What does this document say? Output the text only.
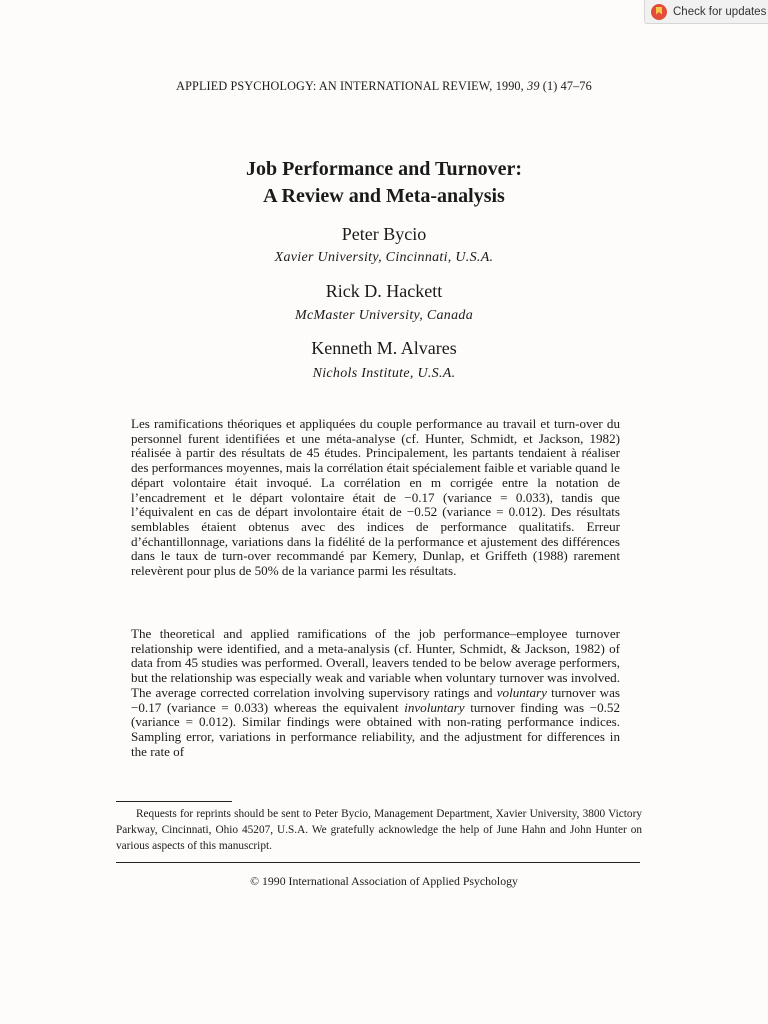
Check for updates
APPLIED PSYCHOLOGY: AN INTERNATIONAL REVIEW, 1990, 39 (1) 47–76
Job Performance and Turnover:
A Review and Meta-analysis
Peter Bycio
Xavier University, Cincinnati, U.S.A.
Rick D. Hackett
McMaster University, Canada
Kenneth M. Alvares
Nichols Institute, U.S.A.
Les ramifications théoriques et appliquées du couple performance au travail et turn-over du personnel furent identifiées et une méta-analyse (cf. Hunter, Schmidt, et Jackson, 1982) réalisée à partir des résultats de 45 études. Principalement, les partants tendaient à réaliser des performances moyennes, mais la corrélation était spécialement faible et variable quand le départ volontaire était invoqué. La corrélation en m corrigée entre la notation de l’encadrement et le départ volontaire était de −0.17 (variance = 0.033), tandis que l’équivalent en cas de départ involontaire était de −0.52 (variance = 0.012). Des résultats semblables étaient obtenus avec des indices de performance qualitatifs. Erreur d’échantillonnage, variations dans la fidélité de la performance et ajustement des différences dans le taux de turn-over recommandé par Kemery, Dunlap, et Griffeth (1988) rarement relevèrent pour plus de 50% de la variance parmi les résultats.
The theoretical and applied ramifications of the job performance–employee turnover relationship were identified, and a meta-analysis (cf. Hunter, Schmidt, & Jackson, 1982) of data from 45 studies was performed. Overall, leavers tended to be below average performers, but the relationship was especially weak and variable when voluntary turnover was involved. The average corrected correlation involving supervisory ratings and voluntary turnover was −0.17 (variance = 0.033) whereas the equivalent involuntary turnover finding was −0.52 (variance = 0.012). Similar findings were obtained with non-rating performance indices. Sampling error, variations in performance reliability, and the adjustment for differences in the rate of
Requests for reprints should be sent to Peter Bycio, Management Department, Xavier University, 3800 Victory Parkway, Cincinnati, Ohio 45207, U.S.A. We gratefully acknowledge the help of June Hahn and John Hunter on various aspects of this manuscript.
© 1990 International Association of Applied Psychology
